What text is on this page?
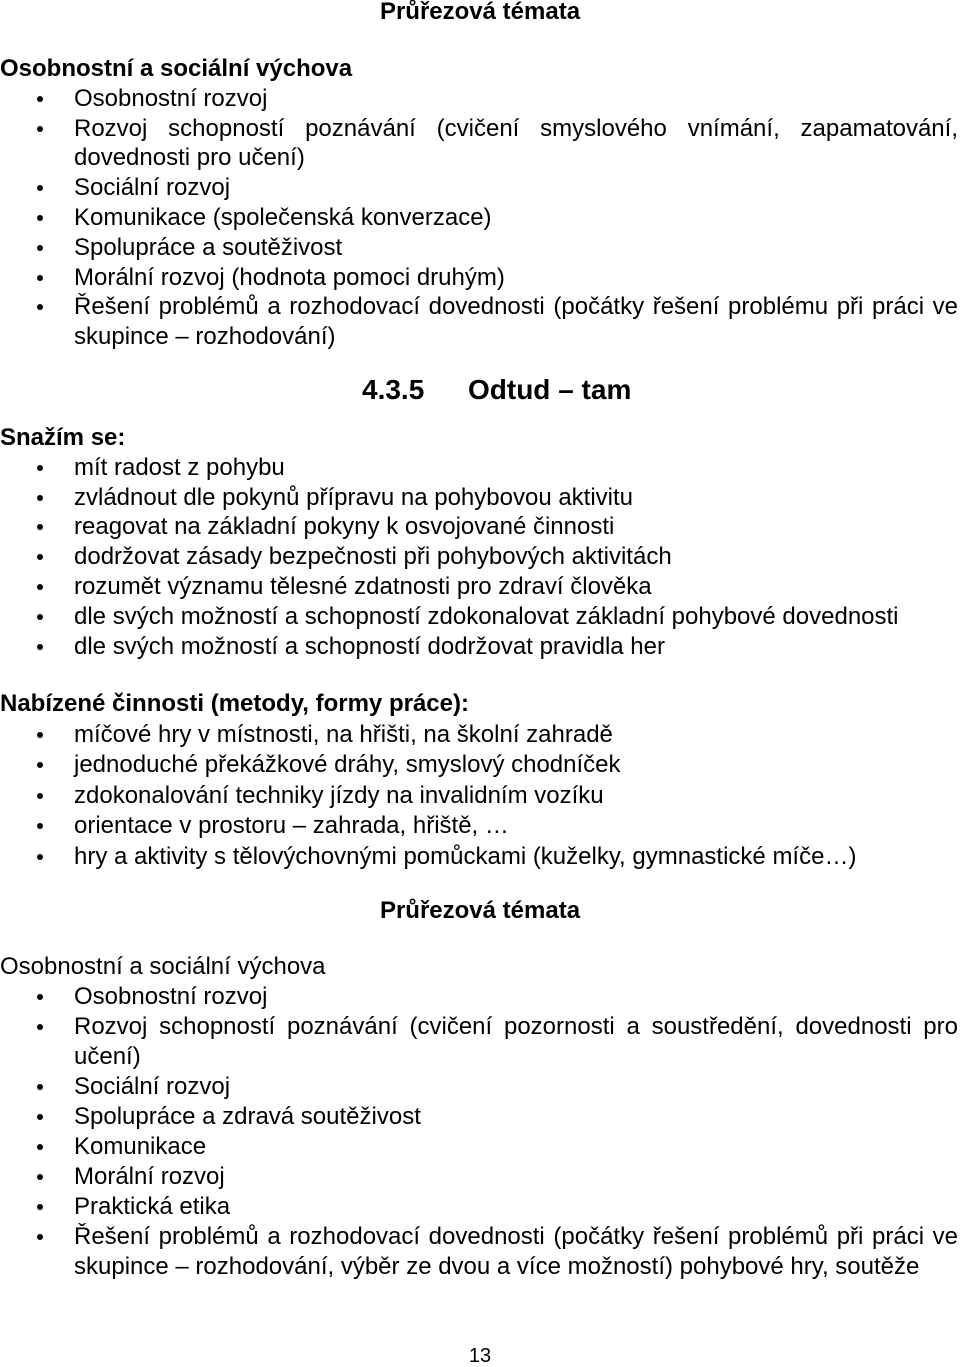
Průřezová témata
Osobnostní a sociální výchova
Osobnostní rozvoj
Rozvoj schopností poznávání (cvičení smyslového vnímání, zapamatování, dovednosti pro učení)
Sociální rozvoj
Komunikace (společenská konverzace)
Spolupráce a soutěživost
Morální rozvoj (hodnota pomoci druhým)
Řešení problémů a rozhodovací dovednosti (počátky řešení problému při práci ve skupince – rozhodování)
4.3.5 Odtud – tam
Snažím se:
mít radost z pohybu
zvládnout dle pokynů přípravu na pohybovou aktivitu
reagovat na základní pokyny k osvojované činnosti
dodržovat zásady bezpečnosti při pohybových aktivitách
rozumět významu tělesné zdatnosti pro zdraví člověka
dle svých možností a schopností zdokonalovat základní pohybové dovednosti
dle svých možností a schopností dodržovat pravidla her
Nabízené činnosti (metody, formy práce):
míčové hry v místnosti, na hřišti, na školní zahradě
jednoduché překážkové dráhy, smyslový chodníček
zdokonalování techniky jízdy na invalidním vozíku
orientace v prostoru – zahrada, hřiště, …
hry a aktivity s tělovýchovnými pomůckami (kuželky, gymnastické míče…)
Průřezová témata
Osobnostní a sociální výchova
Osobnostní rozvoj
Rozvoj schopností poznávání (cvičení pozornosti a soustředění, dovednosti pro učení)
Sociální rozvoj
Spolupráce a zdravá soutěživost
Komunikace
Morální rozvoj
Praktická etika
Řešení problémů a rozhodovací dovednosti (počátky řešení problémů při práci ve skupince – rozhodování, výběr ze dvou a více možností) pohybové hry, soutěže
13
